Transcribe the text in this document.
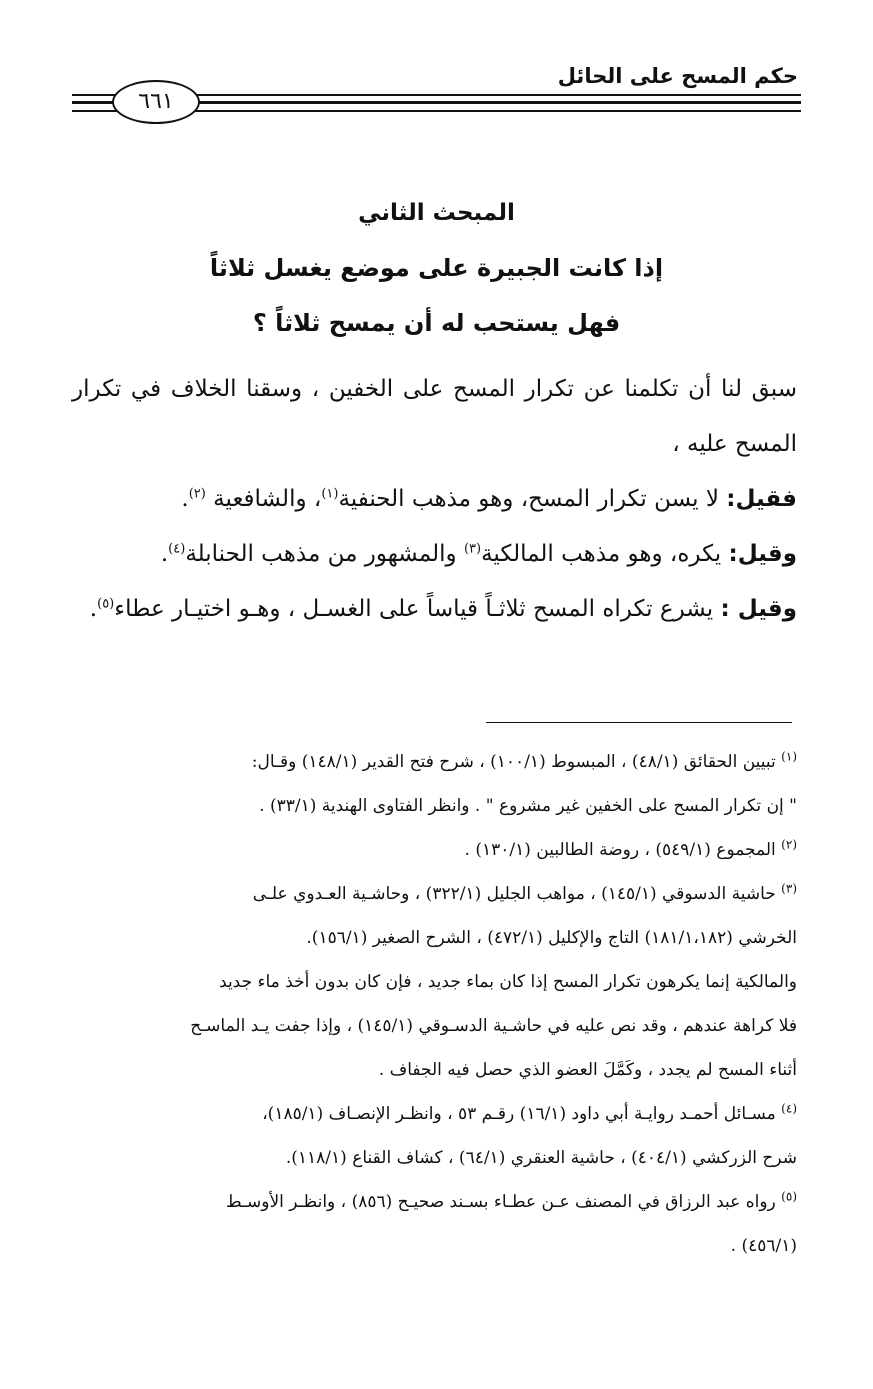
حكم المسح على الحائل
٦٦١
المبحث الثاني
إذا كانت الجبيرة على موضع يغسل ثلاثاً
فهل يستحب له أن يمسح ثلاثاً ؟

سبق لنا أن تكلمنا عن تكرار المسح على الخفين ، وسقنا الخلاف في تكرار المسح عليه ،

فقيل: لا يسن تكرار المسح، وهو مذهب الحنفية$^{(١)}$، والشافعية $^{(٢)}$.

وقيل: يكره، وهو مذهب المالكية$^{(٣)}$ والمشهور من مذهب الحنابلة$^{(٤)}$.

وقيل : يشرع تكراه المسح ثلاثـاً قياساً على الغسـل ، وهـو اختيـار عطاء$^{(٥)}$.

$^{(١)}$ تبيين الحقائق (٤٨/١) ، المبسوط (١٠٠/١) ، شرح فتح القدير (١٤٨/١) وقـال:

" إن تكرار المسح على الخفين غير مشروع " . وانظر الفتاوى الهندية (٣٣/١) .

$^{(٢)}$ المجموع (٥٤٩/١) ، روضة الطالبين (١٣٠/١) .

$^{(٣)}$ حاشية الدسوقي (١٤٥/١) ، مواهب الجليل (٣٢٢/١) ، وحاشـية العـدوي علـى

الخرشي (١٨١/١،١٨٢) التاج والإكليل (٤٧٢/١) ، الشرح الصغير (١٥٦/١).

والمالكية إنما يكرهون تكرار المسح إذا كان بماء جديد ، فإن كان بدون أخذ ماء جديد

فلا كراهة عندهم ، وقد نص عليه في حاشـية الدسـوقي (١٤٥/١) ، وإذا جفت يـد الماسـح

أثناء المسح لم يجدد ، وكَمَّلَ العضو الذي حصل فيه الجفاف .

$^{(٤)}$ مسـائل أحمـد روايـة أبي داود (١٦/١) رقـم ٥٣ ، وانظـر الإنصـاف (١٨٥/١)،

شرح الزركشي (٤٠٤/١) ، حاشية العنقري (٦٤/١) ، كشاف القناع (١١٨/١).

$^{(٥)}$ رواه عبد الرزاق في المصنف عـن عطـاء بسـند صحيـح (٨٥٦) ، وانظـر الأوسـط

(٤٥٦/١) .
